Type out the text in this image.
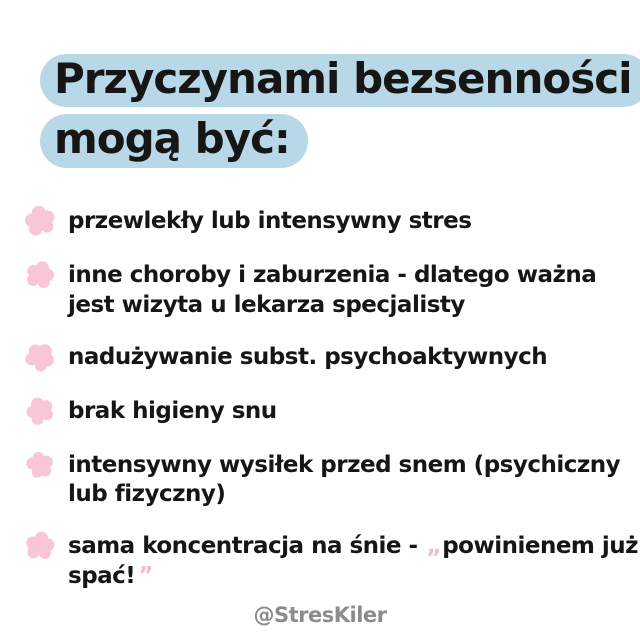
Przyczynami bezsenności
mogą być:
przewlekły lub intensywny stres
inne choroby i zaburzenia - dlatego ważna
jest wizyta u lekarza specjalisty
nadużywanie subst. psychoaktywnych
brak higieny snu
intensywny wysiłek przed snem (psychiczny
lub fizyczny)
sama koncentracja na śnie - „powinienem już
spać! ”
@StresKiler
